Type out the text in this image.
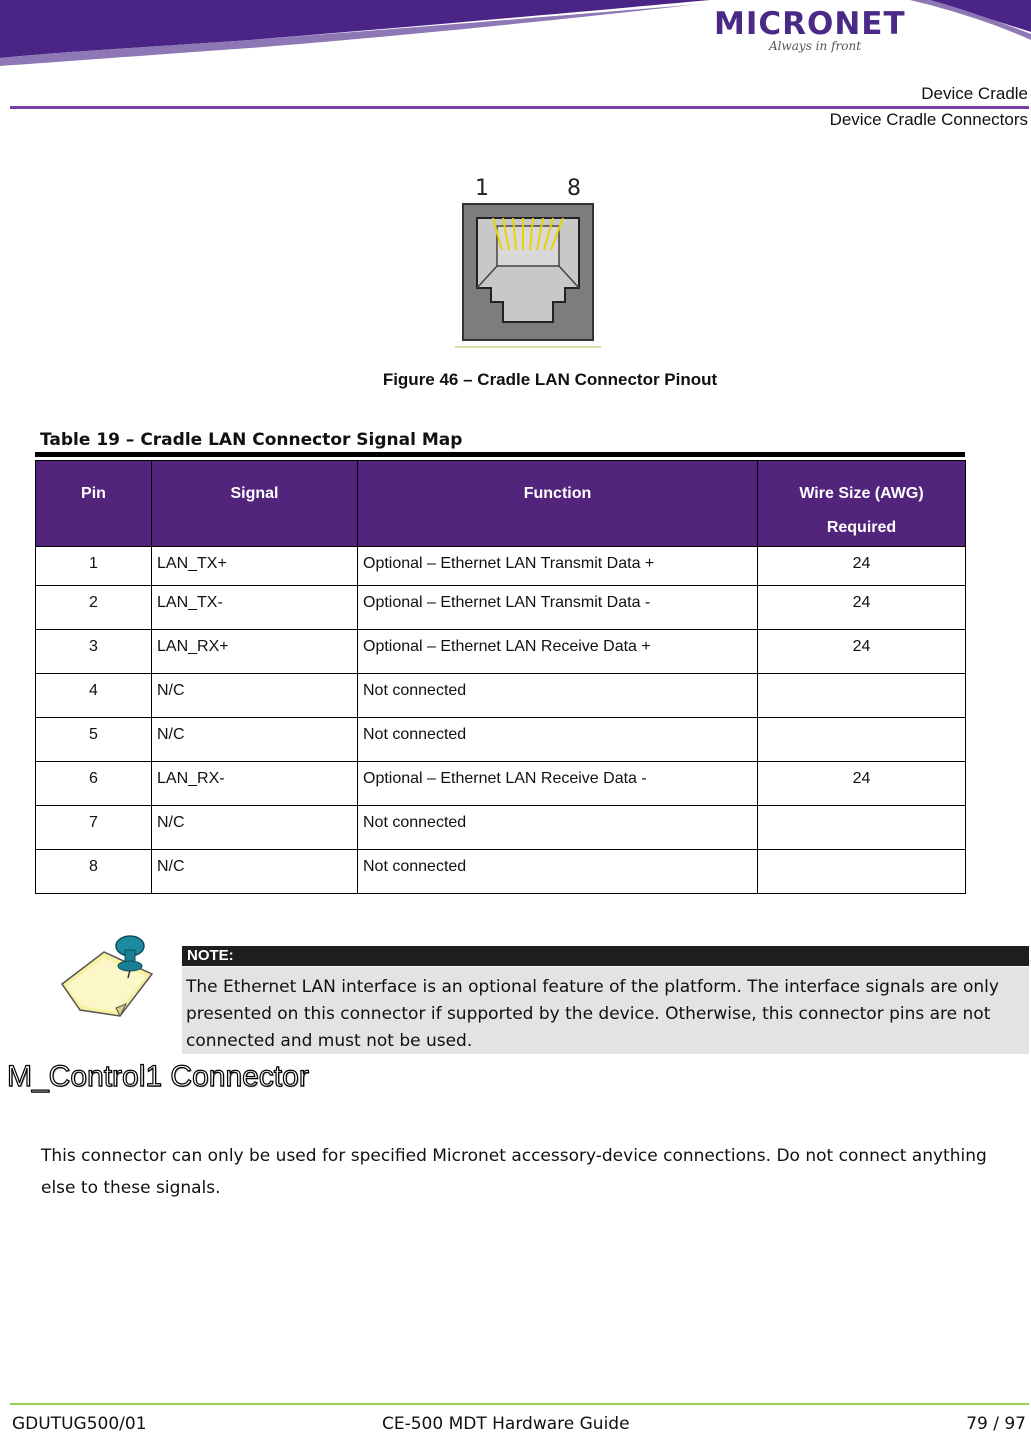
MICRONET
Always in front
Device Cradle
Device Cradle Connectors
1	8
Figure 46 – Cradle LAN Connector Pinout
Table 19 – Cradle LAN Connector Signal Map
Pin	Signal	Function	Wire Size (AWG)
Required
1	LAN_TX+	Optional – Ethernet LAN Transmit Data +	24
2	LAN_TX-	Optional – Ethernet LAN Transmit Data -	24
3	LAN_RX+	Optional – Ethernet LAN Receive Data +	24
4	N/C	Not connected	
5	N/C	Not connected	
6	LAN_RX-	Optional – Ethernet LAN Receive Data -	24
7	N/C	Not connected	
8	N/C	Not connected	
NOTE:
The Ethernet LAN interface is an optional feature of the platform. The interface signals are only presented on this connector if supported by the device. Otherwise, this connector pins are not connected and must not be used.
M_Control1 Connector
This connector can only be used for specified Micronet accessory-device connections. Do not connect anything else to these signals.
GDUTUG500/01	CE-500 MDT Hardware Guide	79 / 97
